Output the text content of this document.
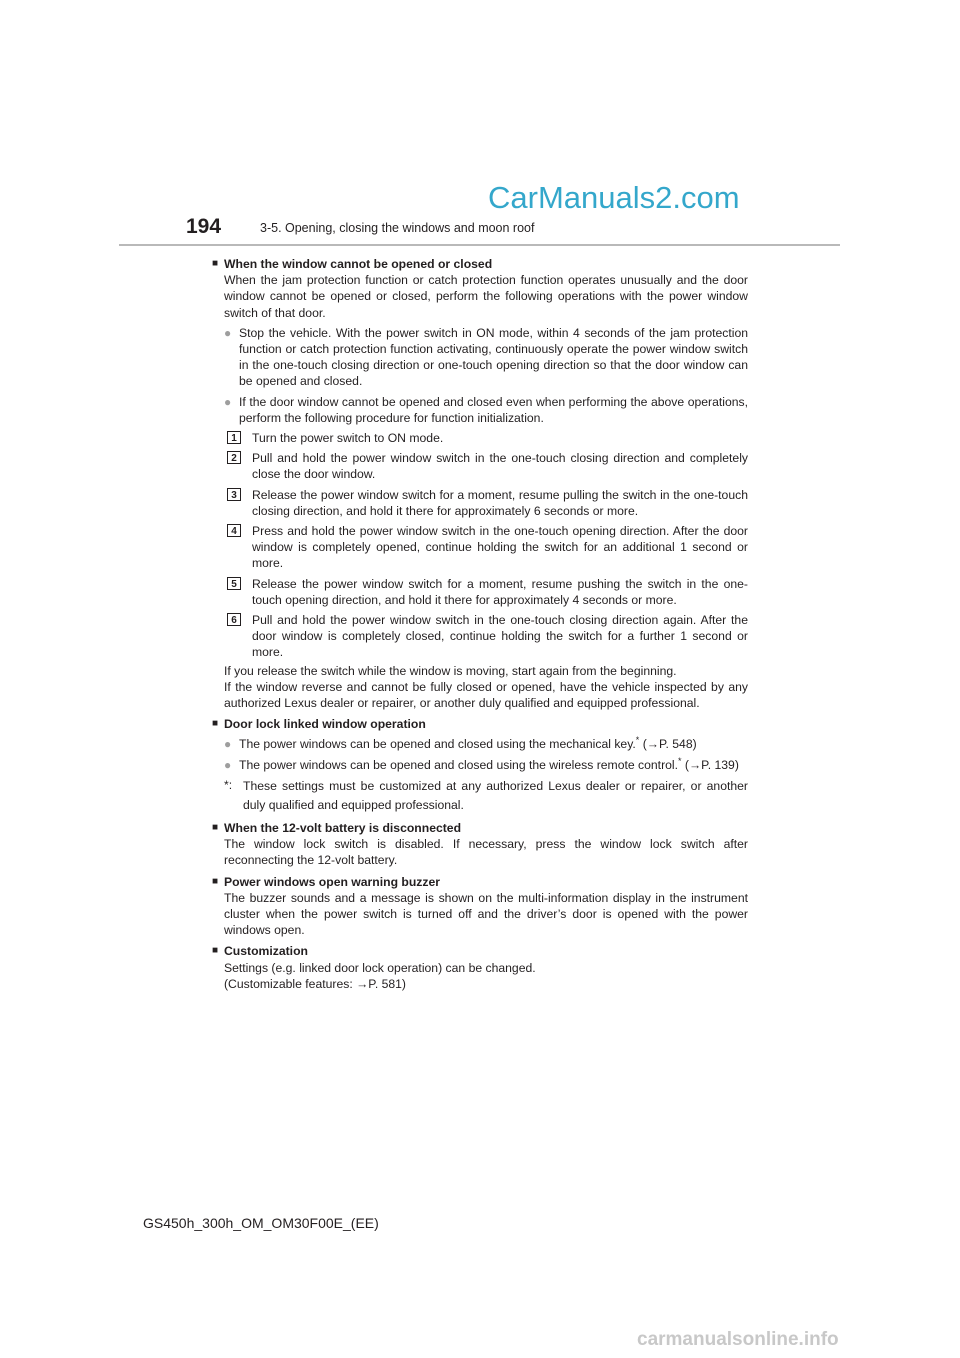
CarManuals2.com
194	3-5. Opening, closing the windows and moon roof
■ When the window cannot be opened or closed
When the jam protection function or catch protection function operates unusually and the door window cannot be opened or closed, perform the following operations with the power window switch of that door.
● Stop the vehicle. With the power switch in ON mode, within 4 seconds of the jam protection function or catch protection function activating, continuously operate the power window switch in the one-touch closing direction or one-touch opening direction so that the door window can be opened and closed.
● If the door window cannot be opened and closed even when performing the above operations, perform the following procedure for function initialization.
1	Turn the power switch to ON mode.
2	Pull and hold the power window switch in the one-touch closing direction and completely close the door window.
3	Release the power window switch for a moment, resume pulling the switch in the one-touch closing direction, and hold it there for approximately 6 seconds or more.
4	Press and hold the power window switch in the one-touch opening direction. After the door window is completely opened, continue holding the switch for an additional 1 second or more.
5	Release the power window switch for a moment, resume pushing the switch in the one-touch opening direction, and hold it there for approximately 4 seconds or more.
6	Pull and hold the power window switch in the one-touch closing direction again. After the door window is completely closed, continue holding the switch for a further 1 second or more.
If you release the switch while the window is moving, start again from the beginning.
If the window reverse and cannot be fully closed or opened, have the vehicle inspected by any authorized Lexus dealer or repairer, or another duly qualified and equipped professional.
■ Door lock linked window operation
● The power windows can be opened and closed using the mechanical key.* (→P. 548)
● The power windows can be opened and closed using the wireless remote control.* (→P. 139)
*: These settings must be customized at any authorized Lexus dealer or repairer, or another duly qualified and equipped professional.
■ When the 12-volt battery is disconnected
The window lock switch is disabled. If necessary, press the window lock switch after reconnecting the 12-volt battery.
■ Power windows open warning buzzer
The buzzer sounds and a message is shown on the multi-information display in the instrument cluster when the power switch is turned off and the driver’s door is opened with the power windows open.
■ Customization
Settings (e.g. linked door lock operation) can be changed.
(Customizable features: →P. 581)
GS450h_300h_OM_OM30F00E_(EE)
carmanualsonline.info
